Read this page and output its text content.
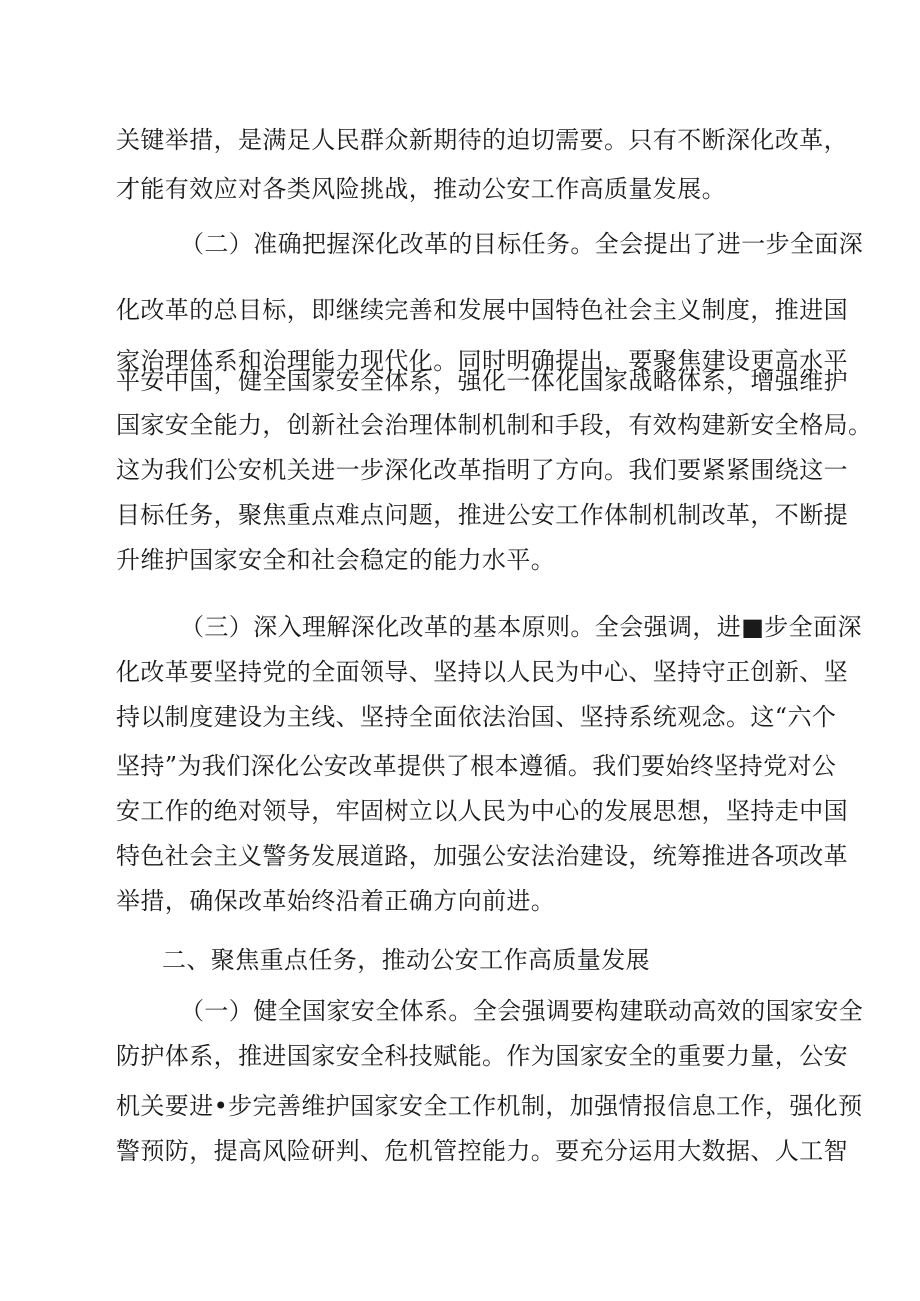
关键举措，是满足人民群众新期待的迫切需要。只有不断深化改革，
才能有效应对各类风险挑战，推动公安工作高质量发展。
（二）准确把握深化改革的目标任务。全会提出了进一步全面深
化改革的总目标，即继续完善和发展中国特色社会主义制度，推进国
家治理体系和治理能力现代化。同时明确提出，要聚焦建设更高水平
平安中国，健全国家安全体系，强化一体化国家战略体系，增强维护
国家安全能力，创新社会治理体制机制和手段，有效构建新安全格局。
这为我们公安机关进一步深化改革指明了方向。我们要紧紧围绕这一
目标任务，聚焦重点难点问题，推进公安工作体制机制改革，不断提
升维护国家安全和社会稳定的能力水平。
（三）深入理解深化改革的基本原则。全会强调，进■步全面深
化改革要坚持党的全面领导、坚持以人民为中心、坚持守正创新、坚
持以制度建设为主线、坚持全面依法治国、坚持系统观念。这“六个
坚持”为我们深化公安改革提供了根本遵循。我们要始终坚持党对公
安工作的绝对领导，牢固树立以人民为中心的发展思想，坚持走中国
特色社会主义警务发展道路，加强公安法治建设，统筹推进各项改革
举措，确保改革始终沿着正确方向前进。
二、聚焦重点任务，推动公安工作高质量发展
（一）健全国家安全体系。全会强调要构建联动高效的国家安全
防护体系，推进国家安全科技赋能。作为国家安全的重要力量，公安
机关要进•步完善维护国家安全工作机制，加强情报信息工作，强化预
警预防，提高风险研判、危机管控能力。要充分运用大数据、人工智
